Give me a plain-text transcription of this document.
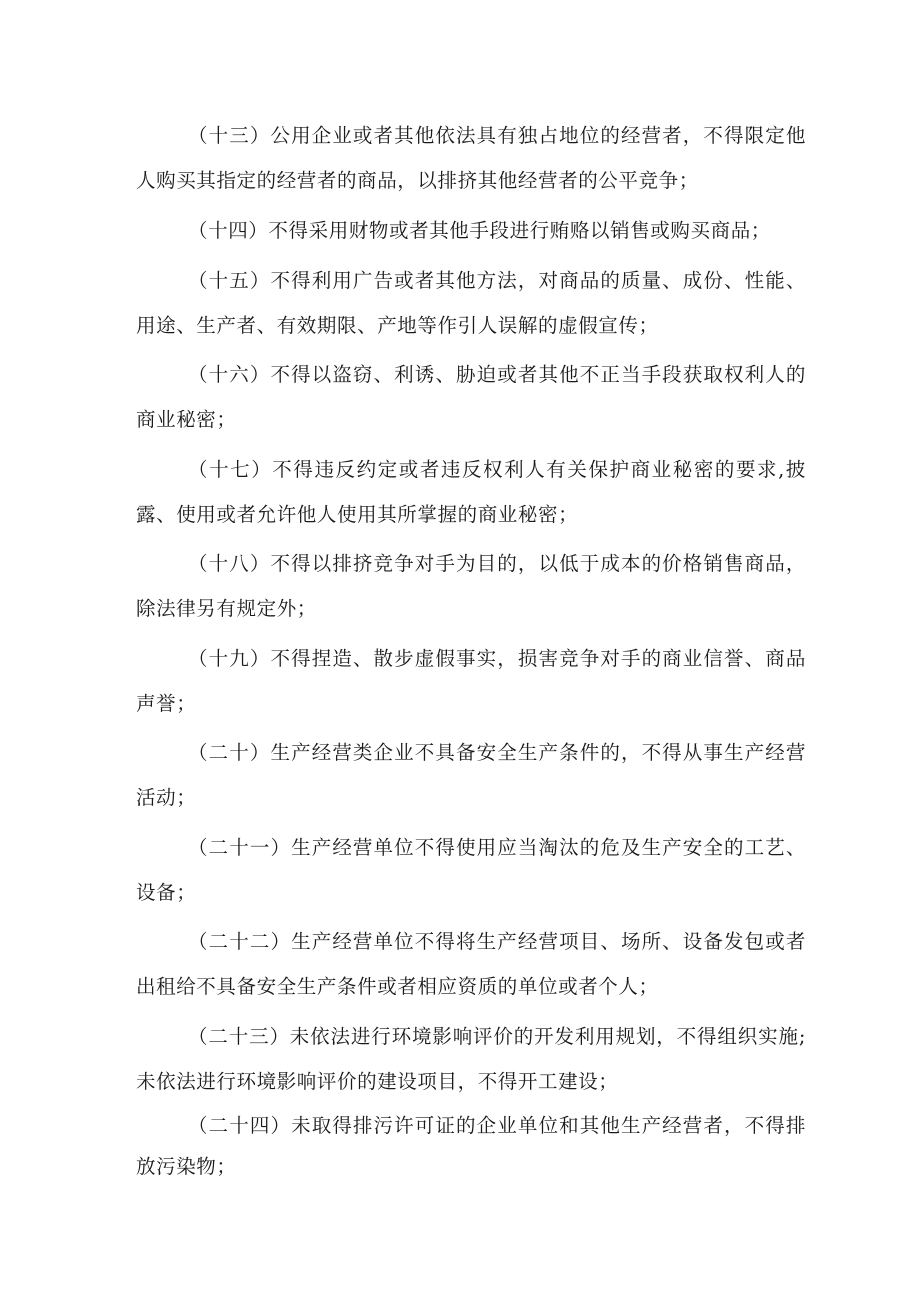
（十三）公用企业或者其他依法具有独占地位的经营者，不得限定他人购买其指定的经营者的商品，以排挤其他经营者的公平竞争；

（十四）不得采用财物或者其他手段进行贿赂以销售或购买商品；

（十五）不得利用广告或者其他方法，对商品的质量、成份、性能、用途、生产者、有效期限、产地等作引人误解的虚假宣传；

（十六）不得以盗窃、利诱、胁迫或者其他不正当手段获取权利人的商业秘密；

（十七）不得违反约定或者违反权利人有关保护商业秘密的要求,披露、使用或者允许他人使用其所掌握的商业秘密；

（十八）不得以排挤竞争对手为目的，以低于成本的价格销售商品，除法律另有规定外；

（十九）不得捏造、散步虚假事实，损害竞争对手的商业信誉、商品声誉；

（二十）生产经营类企业不具备安全生产条件的，不得从事生产经营活动；

（二十一）生产经营单位不得使用应当淘汰的危及生产安全的工艺、设备；

（二十二）生产经营单位不得将生产经营项目、场所、设备发包或者出租给不具备安全生产条件或者相应资质的单位或者个人；

（二十三）未依法进行环境影响评价的开发利用规划，不得组织实施;未依法进行环境影响评价的建设项目，不得开工建设；

（二十四）未取得排污许可证的企业单位和其他生产经营者，不得排放污染物；
